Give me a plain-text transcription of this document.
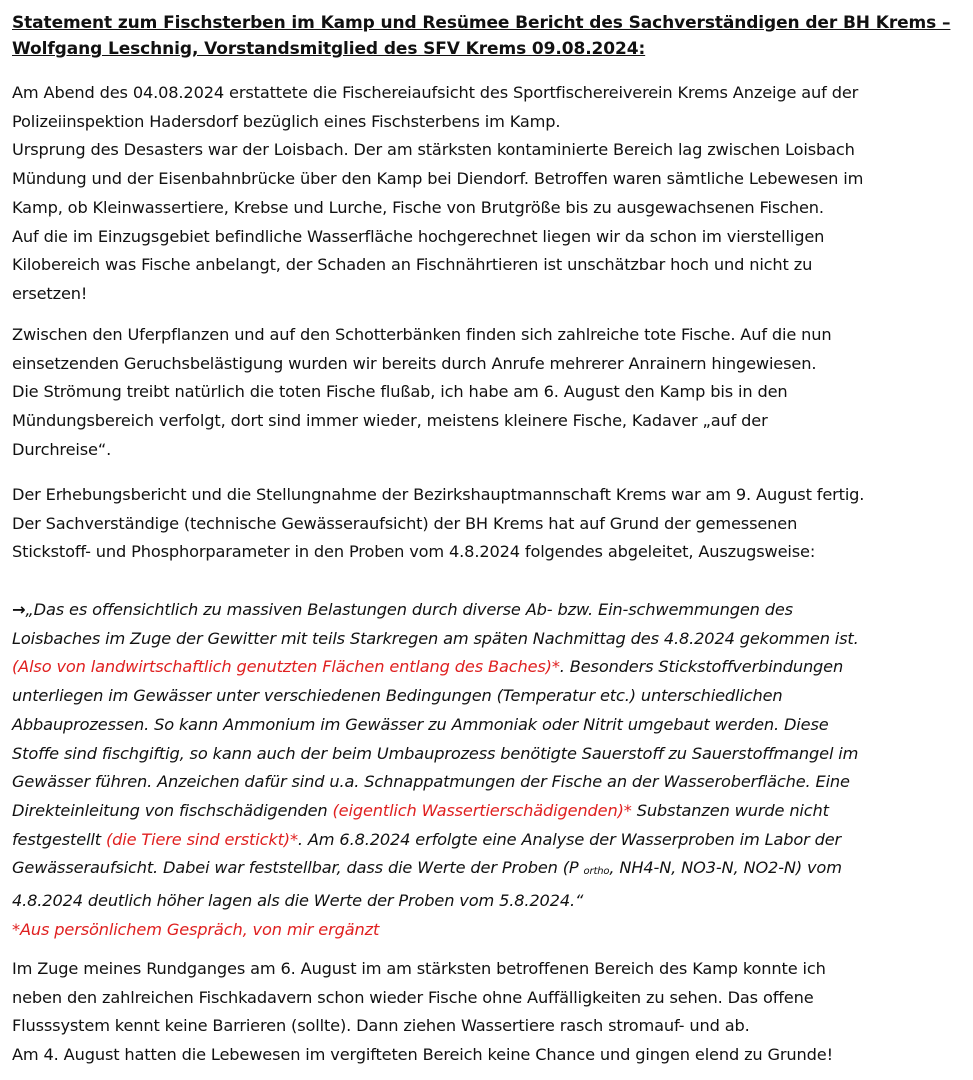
Statement zum Fischsterben im Kamp und Resümee Bericht des Sachverständigen der BH Krems –
Wolfgang Leschnig, Vorstandsmitglied des SFV Krems 09.08.2024:
Am Abend des 04.08.2024 erstattete die Fischereiaufsicht des Sportfischereiverein Krems Anzeige auf der
Polizeiinspektion Hadersdorf bezüglich eines Fischsterbens im Kamp.
Ursprung des Desasters war der Loisbach. Der am stärksten kontaminierte Bereich lag zwischen Loisbach
Mündung und der Eisenbahnbrücke über den Kamp bei Diendorf. Betroffen waren sämtliche Lebewesen im
Kamp, ob Kleinwassertiere, Krebse und Lurche, Fische von Brutgröße bis zu ausgewachsenen Fischen.
Auf die im Einzugsgebiet befindliche Wasserfläche hochgerechnet liegen wir da schon im vierstelligen
Kilobereich was Fische anbelangt, der Schaden an Fischnährtieren ist unschätzbar hoch und nicht zu
ersetzen!
Zwischen den Uferpflanzen und auf den Schotterbänken finden sich zahlreiche tote Fische. Auf die nun
einsetzenden Geruchsbelästigung wurden wir bereits durch Anrufe mehrerer Anrainern hingewiesen.
Die Strömung treibt natürlich die toten Fische flußab, ich habe am 6. August den Kamp bis in den
Mündungsbereich verfolgt, dort sind immer wieder, meistens kleinere Fische, Kadaver „auf der
Durchreise“.
Der Erhebungsbericht und die Stellungnahme der Bezirkshauptmannschaft Krems war am 9. August fertig.
Der Sachverständige (technische Gewässeraufsicht) der BH Krems hat auf Grund der gemessenen
Stickstoff- und Phosphorparameter in den Proben vom 4.8.2024 folgendes abgeleitet, Auszugsweise:
→„Das es offensichtlich zu massiven Belastungen durch diverse Ab- bzw. Ein-schwemmungen des
Loisbaches im Zuge der Gewitter mit teils Starkregen am späten Nachmittag des 4.8.2024 gekommen ist.
(Also von landwirtschaftlich genutzten Flächen entlang des Baches)*. Besonders Stickstoffverbindungen
unterliegen im Gewässer unter verschiedenen Bedingungen (Temperatur etc.) unterschiedlichen
Abbauprozessen. So kann Ammonium im Gewässer zu Ammoniak oder Nitrit umgebaut werden. Diese
Stoffe sind fischgiftig, so kann auch der beim Umbauprozess benötigte Sauerstoff zu Sauerstoffmangel im
Gewässer führen. Anzeichen dafür sind u.a. Schnappatmungen der Fische an der Wasseroberfläche. Eine
Direkteinleitung von fischschädigenden (eigentlich Wassertierschädigenden)* Substanzen wurde nicht
festgestellt (die Tiere sind erstickt)*. Am 6.8.2024 erfolgte eine Analyse der Wasserproben im Labor der
Gewässeraufsicht. Dabei war feststellbar, dass die Werte der Proben (P $_{ortho}$, NH4-N, NO3-N, NO2-N) vom
4.8.2024 deutlich höher lagen als die Werte der Proben vom 5.8.2024.“
*Aus persönlichem Gespräch, von mir ergänzt
Im Zuge meines Rundganges am 6. August im am stärksten betroffenen Bereich des Kamp konnte ich
neben den zahlreichen Fischkadavern schon wieder Fische ohne Auffälligkeiten zu sehen. Das offene
Flusssystem kennt keine Barrieren (sollte). Dann ziehen Wassertiere rasch stromauf- und ab.
Am 4. August hatten die Lebewesen im vergifteten Bereich keine Chance und gingen elend zu Grunde!
